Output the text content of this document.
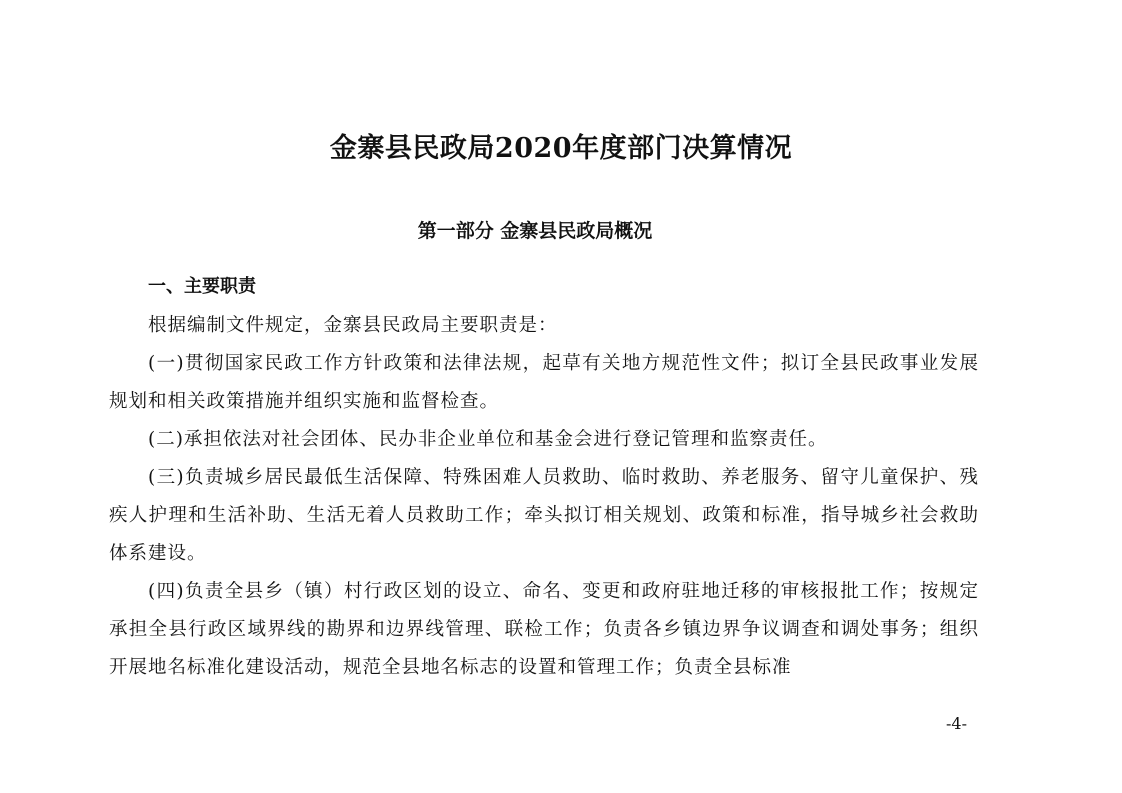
金寨县民政局2020年度部门决算情况
第一部分 金寨县民政局概况
一、主要职责

根据编制文件规定，金寨县民政局主要职责是：

(一)贯彻国家民政工作方针政策和法律法规，起草有关地方规范性文件；拟订全县民政事业发展规划和相关政策措施并组织实施和监督检查。

(二)承担依法对社会团体、民办非企业单位和基金会进行登记管理和监察责任。

(三)负责城乡居民最低生活保障、特殊困难人员救助、临时救助、养老服务、留守儿童保护、残疾人护理和生活补助、生活无着人员救助工作；牵头拟订相关规划、政策和标准，指导城乡社会救助体系建设。

(四)负责全县乡（镇）村行政区划的设立、命名、变更和政府驻地迁移的审核报批工作；按规定承担全县行政区域界线的勘界和边界线管理、联检工作；负责各乡镇边界争议调查和调处事务；组织开展地名标准化建设活动，规范全县地名标志的设置和管理工作；负责全县标准

-4-
